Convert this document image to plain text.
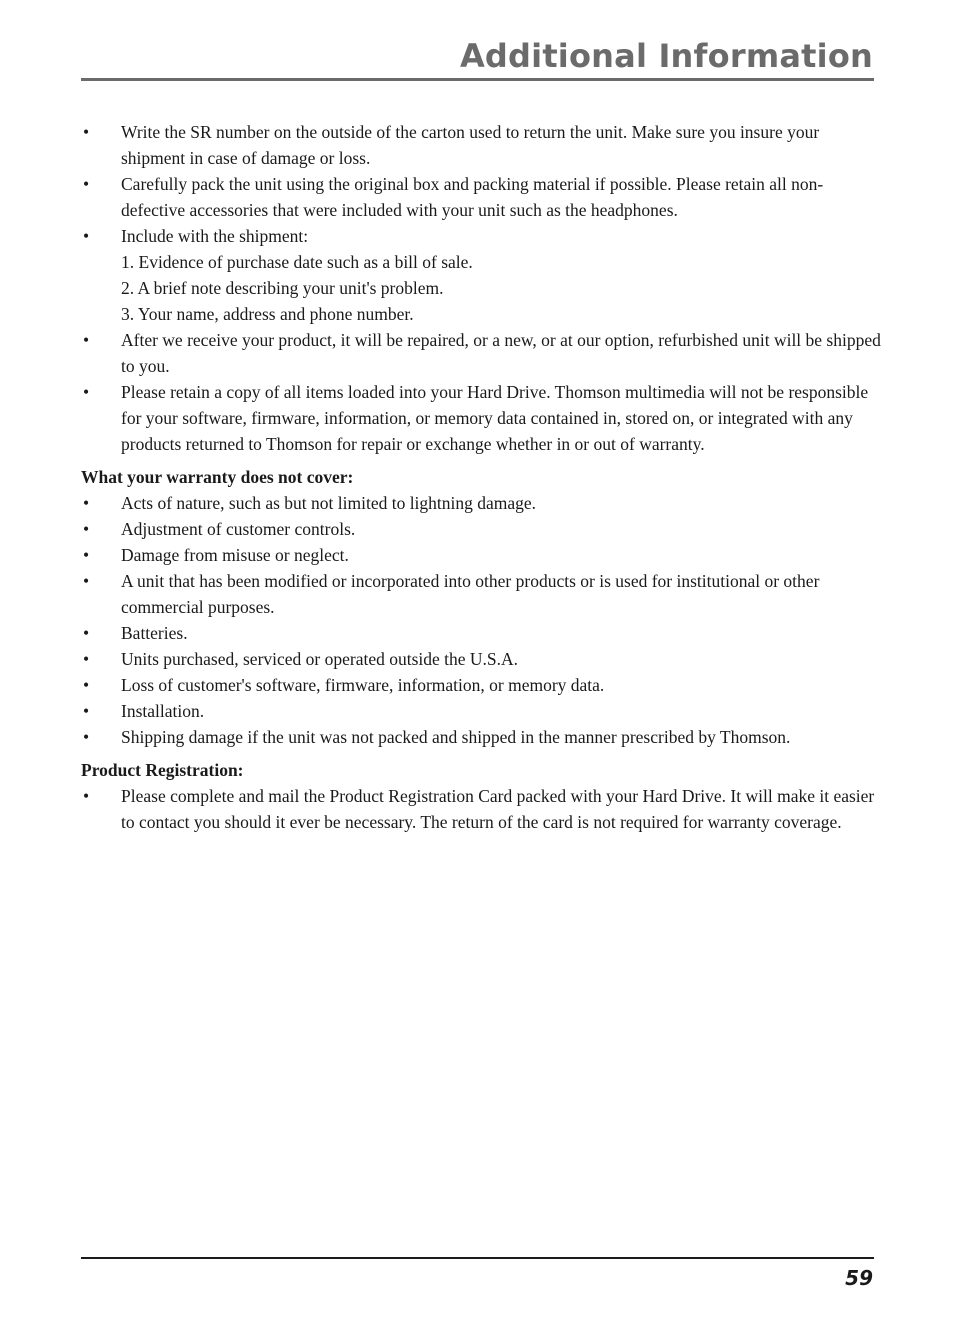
Additional Information
•	Write the SR number on the outside of the carton used to return the unit. Make sure you insure your shipment in case of damage or loss.
•	Carefully pack the unit using the original box and packing material if possible. Please retain all non-defective accessories that were included with your unit such as the headphones.
•	Include with the shipment:
1. Evidence of purchase date such as a bill of sale.
2. A brief note describing your unit's problem.
3. Your name, address and phone number.
•	After we receive your product, it will be repaired, or a new, or at our option, refurbished unit will be shipped to you.
•	Please retain a copy of all items loaded into your Hard Drive. Thomson multimedia will not be responsible for your software, firmware, information, or memory data contained in, stored on, or integrated with any products returned to Thomson for repair or exchange whether in or out of warranty.
What your warranty does not cover:
•	Acts of nature, such as but not limited to lightning damage.
•	Adjustment of customer controls.
•	Damage from misuse or neglect.
•	A unit that has been modified or incorporated into other products or is used for institutional or other commercial purposes.
•	Batteries.
•	Units purchased, serviced or operated outside the U.S.A.
•	Loss of customer's software, firmware, information, or memory data.
•	Installation.
•	Shipping damage if the unit was not packed and shipped in the manner prescribed by Thomson.
Product Registration:
•	Please complete and mail the Product Registration Card packed with your Hard Drive. It will make it easier to contact you should it ever be necessary. The return of the card is not required for warranty coverage.
59
